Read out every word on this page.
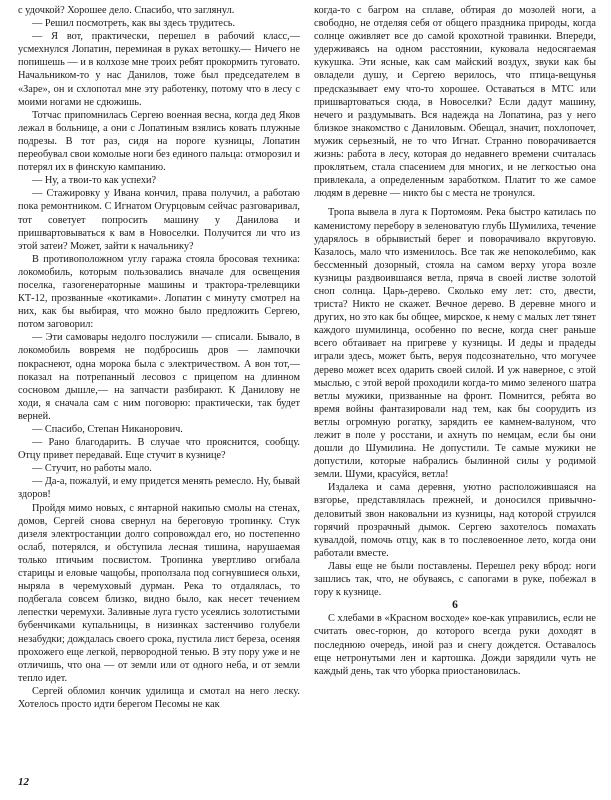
с удочкой? Хорошее дело. Спасибо, что заглянул.

— Решил посмотреть, как вы здесь трудитесь.

— Я вот, практически, перешел в рабочий класс,— усмехнулся Лопатин, переминая в руках ветошку.— Ничего не попишешь — и в колхозе мне троих ребят прокормить туговато. Начальником-то у нас Данилов, тоже был председателем в «Заре», он и схлопотал мне эту работенку, потому что в лесу с моими ногами не сдюжишь.

Тотчас припомнилась Сергею военная весна, когда дед Яков лежал в больнице, а они с Лопатиным взялись ковать плужные подрезы. В тот раз, сидя на пороге кузницы, Лопатин переобувал свои комолые ноги без единого пальца: отморозил и потерял их в финскую кампанию.

— Ну, а твои-то как успехи?

— Стажировку у Ивана кончил, права получил, а работаю пока ремонтником. С Игнатом Огурцовым сейчас разговаривал, тот советует попросить машину у Данилова и пришвартовываться к вам в Новоселки. Получится ли что из этой затеи? Может, зайти к начальнику?

В противоположном углу гаража стояла бросовая техника: локомобиль, которым пользовались вначале для освещения поселка, газогенераторные машины и трактора-трелевщики КТ-12, прозванные «котиками». Лопатин с минуту смотрел на них, как бы выбирая, что можно было предложить Сергею, потом заговорил:

— Эти самовары недолго послужили — списали. Бывало, в локомобиль вовремя не подбросишь дров — лампочки покраснеют, одна морока была с электричеством. А вон тот,— показал на потрепанный лесовоз с прицепом на длинном сосновом дышле,— на запчасти разбирают. К Данилову не ходи, я сначала сам с ним поговорю: практически, так будет верней.

— Спасибо, Степан Никанорович.

— Рано благодарить. В случае что прояснится, сообщу. Отцу привет передавай. Еще стучит в кузнице?

— Стучит, но работы мало.

— Да-а, пожалуй, и ему придется менять ремесло. Ну, бывай здоров!

Пройдя мимо новых, с янтарной накипью смолы на стенах, домов, Сергей снова свернул на береговую тропинку. Стук дизеля электростанции долго сопровождал его, но постепенно ослаб, потерялся, и обступила лесная тишина, нарушаемая только птичьим посвистом. Тропинка увертливо огибала старицы и еловые чащобы, проползала под согнувшиеся ольхи, ныряла в черемуховый дурман. Река то отдалялась, то подбегала совсем близко, видно было, как несет течением лепестки черемухи. Заливные луга густо усеялись золотистыми бубенчиками купальницы, в низинках застенчиво голубели незабудки; дождалась своего срока, пустила лист береза, осеняя прохожего еще легкой, первородной тенью. В эту пору уже и не отличишь, что она — от земли или от одного неба, и от земли тепло идет.

Сергей обломил кончик удилища и смотал на него леску. Хотелось просто идти берегом Песомы не как

когда-то с багром на сплаве, обтирая до мозолей ноги, а свободно, не отделяя себя от общего праздника природы, когда солнце оживляет все до самой крохотной травинки. Впереди, удерживаясь на одном расстоянии, куковала недосягаемая кукушка. Эти ясные, как сам майский воздух, звуки как бы овладели душу, и Сергею верилось, что птица-вещунья предсказывает ему что-то хорошее. Оставаться в МТС или пришвартоваться сюда, в Новоселки? Если дадут машину, нечего и раздумывать. Вся надежда на Лопатина, раз у него близкое знакомство с Даниловым. Обещал, значит, похлопочет, мужик серьезный, не то что Игнат. Странно поворачивается жизнь: работа в лесу, которая до недавнего времени считалась проклятьем, стала спасением для многих, и не легкостью она привлекала, а определенным заработком. Платит то же самое людям в деревне — никто бы с места не тронулся.

Тропа вывела в луга к Портомоям. Река быстро катилась по каменистому перебору в зеленоватую глубь Шумилиха, течение ударялось в обрывистый берег и поворачивало вкруговую. Казалось, мало что изменилось. Все так же непоколебимо, как бессменный дозорный, стояла на самом верху угора возле кузницы раздвоившаяся ветла, пряча в своей листве золотой сноп солнца. Царь-дерево. Сколько ему лет: сто, двести, триста? Никто не скажет. Вечное дерево. В деревне много и других, но это как бы общее, мирское, к нему с малых лет тянет каждого шумилинца, особенно по весне, когда снег раньше всего обтаивает на пригреве у кузницы. И деды и прадеды играли здесь, может быть, веруя подсознательно, что могучее дерево может всех одарить своей силой. И уж наверное, с этой мыслью, с этой верой проходили когда-то мимо зеленого шатра ветлы мужики, призванные на фронт. Помнится, ребята во время войны фантазировали над тем, как бы соорудить из ветлы огромную рогатку, зарядить ее камнем-валуном, что лежит в поле у росстани, и ахнуть по немцам, если бы они дошли до Шумилина. Не допустили. Те самые мужики не допустили, которые набрались былинной силы у родимой земли. Шуми, красуйся, ветла!

Издалека и сама деревня, уютно расположившаяся на взгорье, представлялась прежней, и доносился привычно-деловитый звон наковальни из кузницы, над которой струился горячий прозрачный дымок. Сергею захотелось помахать кувалдой, помочь отцу, как в то послевоенное лето, когда они работали вместе.

Лавы еще не были поставлены. Перешел реку вброд: ноги зашлись так, что, не обуваясь, с сапогами в руке, побежал в гору к кузнице.

6

С хлебами в «Красном восходе» кое-как управились, если не считать овес-горюн, до которого всегда руки доходят в последнюю очередь, иной раз и снегу дождется. Оставалось еще нетронутыми лен и картошка. Дожди зарядили чуть не каждый день, так что уборка приостановилась.

12
